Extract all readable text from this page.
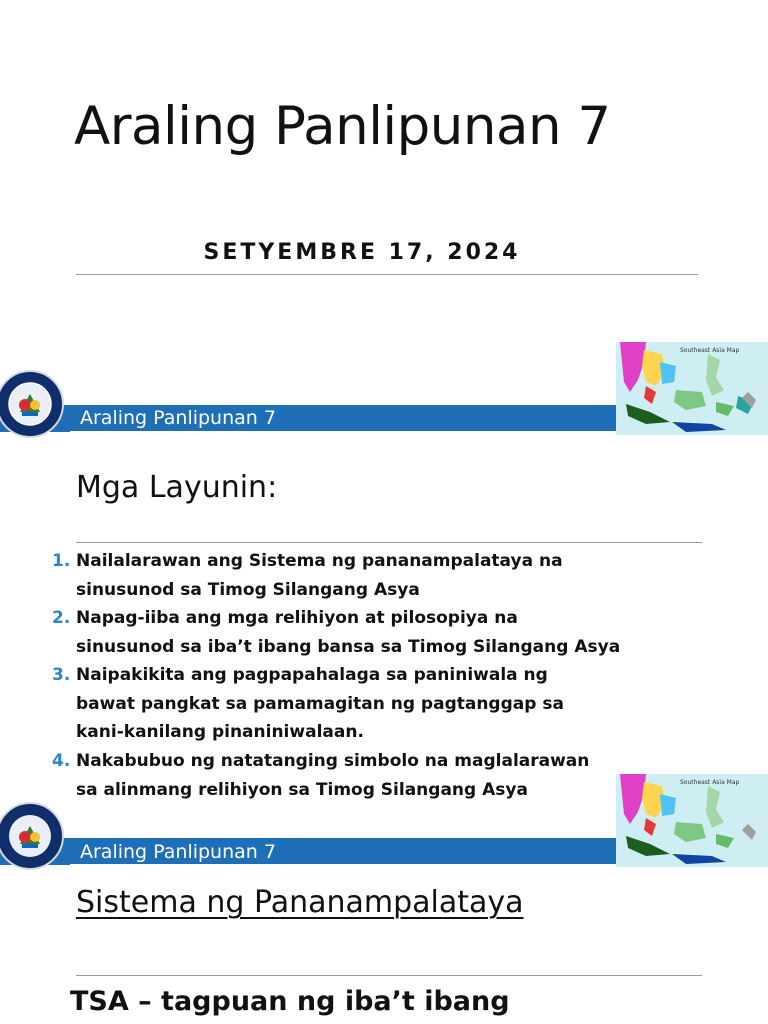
Araling Panlipunan 7
SETYEMBRE 17, 2024
Araling Panlipunan 7
Southeast Asia Map
Mga Layunin:
1. Nailalarawan ang Sistema ng pananampalataya na
sinusunod sa Timog Silangang Asya
2. Napag-iiba ang mga relihiyon at pilosopiya na
sinusunod sa iba’t ibang bansa sa Timog Silangang Asya
3. Naipakikita ang pagpapahalaga sa paniniwala ng
bawat pangkat sa pamamagitan ng pagtanggap sa
kani-kanilang pinaniniwalaan.
4. Nakabubuo ng natatanging simbolo na maglalarawan
sa alinmang relihiyon sa Timog Silangang Asya
Araling Panlipunan 7
Southeast Asia Map
Sistema ng Pananampalataya
TSA – tagpuan ng iba’t ibang
